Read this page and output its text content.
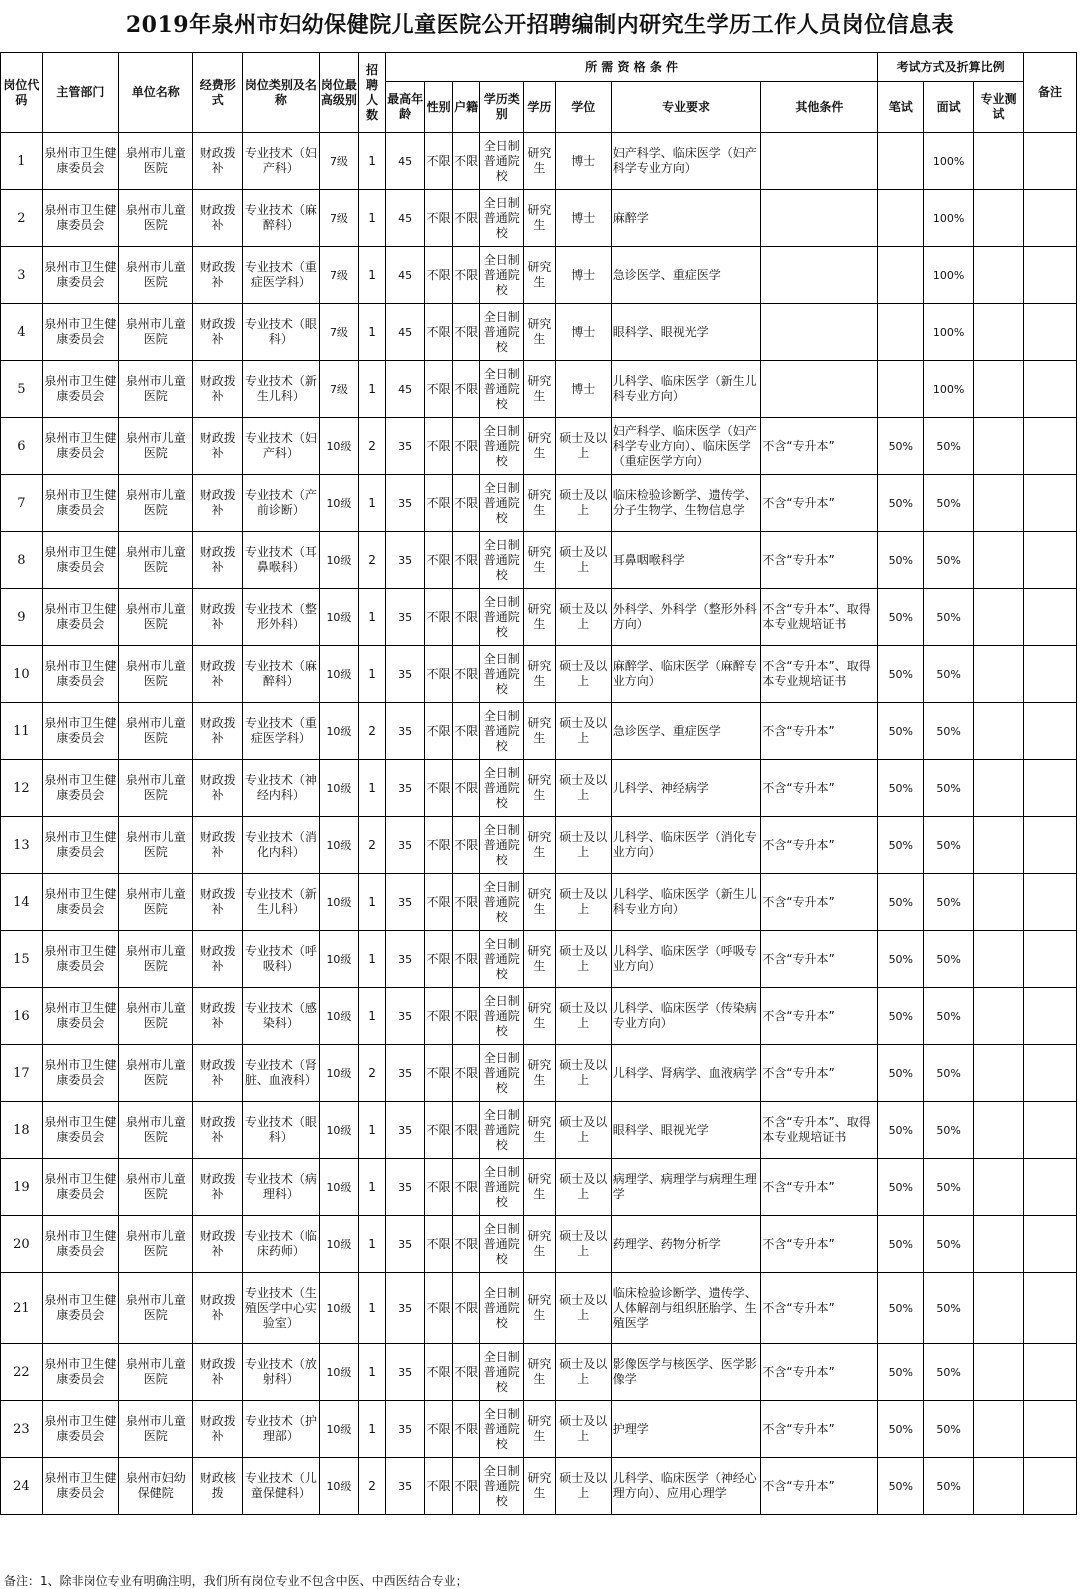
2019年泉州市妇幼保健院儿童医院公开招聘编制内研究生学历工作人员岗位信息表
岗位代码	主管部门	单位名称	经费形式	岗位类别及名称	岗位最高级别	招聘人数	所 需 资 格 条 件								考试方式及折算比例			备注
							最高年龄	性别	户籍	学历类别	学历	学位	专业要求	其他条件	笔试	面试	专业测试	
1	泉州市卫生健康委员会	泉州市儿童医院	财政拨补	专业技术（妇产科）	7级	1	45	不限	不限	全日制普通院校	研究生	博士	妇产科学、临床医学（妇产科学专业方向）			100%		
2	泉州市卫生健康委员会	泉州市儿童医院	财政拨补	专业技术（麻醉科）	7级	1	45	不限	不限	全日制普通院校	研究生	博士	麻醉学			100%		
3	泉州市卫生健康委员会	泉州市儿童医院	财政拨补	专业技术（重症医学科）	7级	1	45	不限	不限	全日制普通院校	研究生	博士	急诊医学、重症医学			100%		
4	泉州市卫生健康委员会	泉州市儿童医院	财政拨补	专业技术（眼科）	7级	1	45	不限	不限	全日制普通院校	研究生	博士	眼科学、眼视光学			100%		
5	泉州市卫生健康委员会	泉州市儿童医院	财政拨补	专业技术（新生儿科）	7级	1	45	不限	不限	全日制普通院校	研究生	博士	儿科学、临床医学（新生儿科专业方向）			100%		
6	泉州市卫生健康委员会	泉州市儿童医院	财政拨补	专业技术（妇产科）	10级	2	35	不限	不限	全日制普通院校	研究生	硕士及以上	妇产科学、临床医学（妇产科学专业方向）、临床医学（重症医学方向）	不含“专升本”	50%	50%		
7	泉州市卫生健康委员会	泉州市儿童医院	财政拨补	专业技术（产前诊断）	10级	1	35	不限	不限	全日制普通院校	研究生	硕士及以上	临床检验诊断学、遗传学、分子生物学、生物信息学	不含“专升本”	50%	50%		
8	泉州市卫生健康委员会	泉州市儿童医院	财政拨补	专业技术（耳鼻喉科）	10级	2	35	不限	不限	全日制普通院校	研究生	硕士及以上	耳鼻咽喉科学	不含“专升本”	50%	50%		
9	泉州市卫生健康委员会	泉州市儿童医院	财政拨补	专业技术（整形外科）	10级	1	35	不限	不限	全日制普通院校	研究生	硕士及以上	外科学、外科学（整形外科方向）	不含“专升本”、取得本专业规培证书	50%	50%		
10	泉州市卫生健康委员会	泉州市儿童医院	财政拨补	专业技术（麻醉科）	10级	1	35	不限	不限	全日制普通院校	研究生	硕士及以上	麻醉学、临床医学（麻醉专业方向）	不含“专升本”、取得本专业规培证书	50%	50%		
11	泉州市卫生健康委员会	泉州市儿童医院	财政拨补	专业技术（重症医学科）	10级	2	35	不限	不限	全日制普通院校	研究生	硕士及以上	急诊医学、重症医学	不含“专升本”	50%	50%		
12	泉州市卫生健康委员会	泉州市儿童医院	财政拨补	专业技术（神经内科）	10级	1	35	不限	不限	全日制普通院校	研究生	硕士及以上	儿科学、神经病学	不含“专升本”	50%	50%		
13	泉州市卫生健康委员会	泉州市儿童医院	财政拨补	专业技术（消化内科）	10级	2	35	不限	不限	全日制普通院校	研究生	硕士及以上	儿科学、临床医学（消化专业方向）	不含“专升本”	50%	50%		
14	泉州市卫生健康委员会	泉州市儿童医院	财政拨补	专业技术（新生儿科）	10级	1	35	不限	不限	全日制普通院校	研究生	硕士及以上	儿科学、临床医学（新生儿科专业方向）	不含“专升本”	50%	50%		
15	泉州市卫生健康委员会	泉州市儿童医院	财政拨补	专业技术（呼吸科）	10级	1	35	不限	不限	全日制普通院校	研究生	硕士及以上	儿科学、临床医学（呼吸专业方向）	不含“专升本”	50%	50%		
16	泉州市卫生健康委员会	泉州市儿童医院	财政拨补	专业技术（感染科）	10级	1	35	不限	不限	全日制普通院校	研究生	硕士及以上	儿科学、临床医学（传染病专业方向）	不含“专升本”	50%	50%		
17	泉州市卫生健康委员会	泉州市儿童医院	财政拨补	专业技术（肾脏、血液科）	10级	2	35	不限	不限	全日制普通院校	研究生	硕士及以上	儿科学、肾病学、血液病学	不含“专升本”	50%	50%		
18	泉州市卫生健康委员会	泉州市儿童医院	财政拨补	专业技术（眼科）	10级	1	35	不限	不限	全日制普通院校	研究生	硕士及以上	眼科学、眼视光学	不含“专升本”、取得本专业规培证书	50%	50%		
19	泉州市卫生健康委员会	泉州市儿童医院	财政拨补	专业技术（病理科）	10级	1	35	不限	不限	全日制普通院校	研究生	硕士及以上	病理学、病理学与病理生理学	不含“专升本”	50%	50%		
20	泉州市卫生健康委员会	泉州市儿童医院	财政拨补	专业技术（临床药师）	10级	1	35	不限	不限	全日制普通院校	研究生	硕士及以上	药理学、药物分析学	不含“专升本”	50%	50%		
21	泉州市卫生健康委员会	泉州市儿童医院	财政拨补	专业技术（生殖医学中心实验室）	10级	1	35	不限	不限	全日制普通院校	研究生	硕士及以上	临床检验诊断学、遗传学、人体解剖与组织胚胎学、生殖医学	不含“专升本”	50%	50%		
22	泉州市卫生健康委员会	泉州市儿童医院	财政拨补	专业技术（放射科）	10级	1	35	不限	不限	全日制普通院校	研究生	硕士及以上	影像医学与核医学、医学影像学	不含“专升本”	50%	50%		
23	泉州市卫生健康委员会	泉州市儿童医院	财政拨补	专业技术（护理部）	10级	1	35	不限	不限	全日制普通院校	研究生	硕士及以上	护理学	不含“专升本”	50%	50%		
24	泉州市卫生健康委员会	泉州市妇幼保健院	财政核拨	专业技术（儿童保健科）	10级	2	35	不限	不限	全日制普通院校	研究生	硕士及以上	儿科学、临床医学（神经心理方向）、应用心理学	不含“专升本”	50%	50%		
备注：1、除非岗位专业有明确注明，我们所有岗位专业不包含中医、中西医结合专业；
